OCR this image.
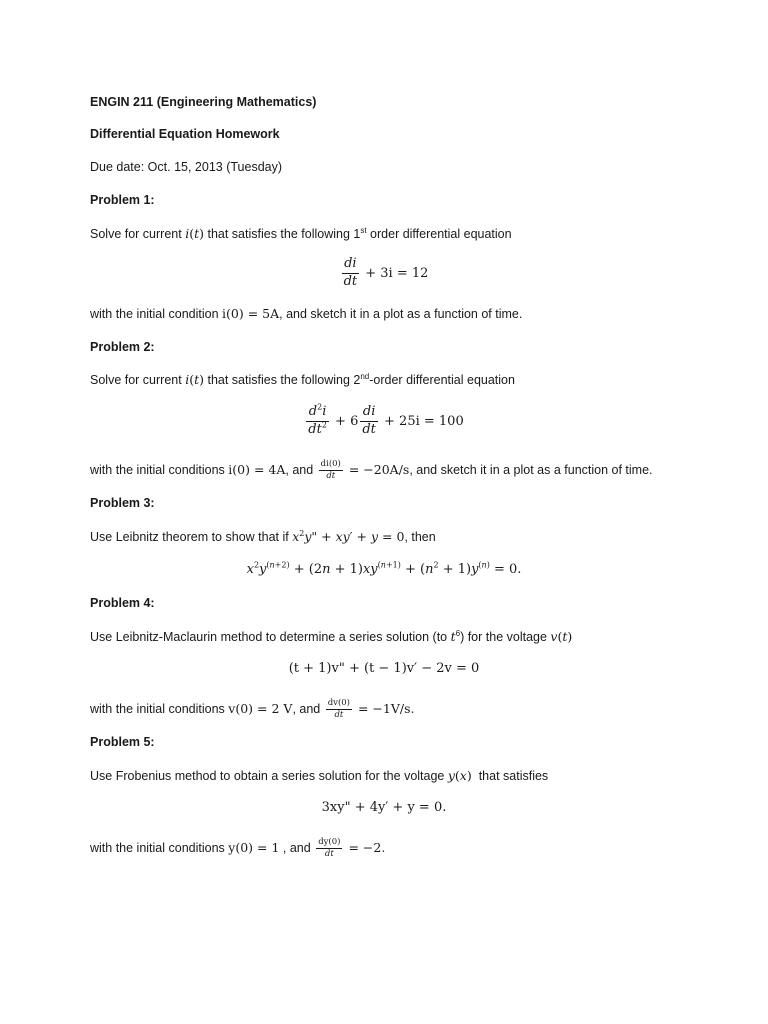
ENGIN 211 (Engineering Mathematics)
Differential Equation Homework
Due date: Oct. 15, 2013 (Tuesday)
Problem 1:
Solve for current i(t) that satisfies the following 1st order differential equation
$\frac{di}{dt} + 3i = 12$
with the initial condition i(0) = 5A, and sketch it in a plot as a function of time.
Problem 2:
Solve for current i(t) that satisfies the following 2nd-order differential equation
$\frac{d^2i}{dt^2} + 6 \frac{di}{dt} + 25i = 100$
with the initial conditions i(0) = 4A, and $\frac{di(0)}{dt} = -20A/s$, and sketch it in a plot as a function of time.
Problem 3:
Use Leibnitz theorem to show that if $x^2y$" + xy′ + y = 0, then
$x^2y^{(n+2)} + (2n + 1)xy^{(n+1)} + (n^2 + 1)y^{(n)} = 0$.
Problem 4:
Use Leibnitz-Maclaurin method to determine a series solution (to $t^6$) for the voltage v(t)
(t + 1)v" + (t − 1)v′ − 2v = 0
with the initial conditions v(0) = 2 V, and $\frac{dv(0)}{dt} = -1V/s$.
Problem 5:
Use Frobenius method to obtain a series solution for the voltage y(x)  that satisfies
3xy" + 4y′ + y = 0.
with the initial conditions y(0) = 1 , and $\frac{dy(0)}{dt} = -2$.
